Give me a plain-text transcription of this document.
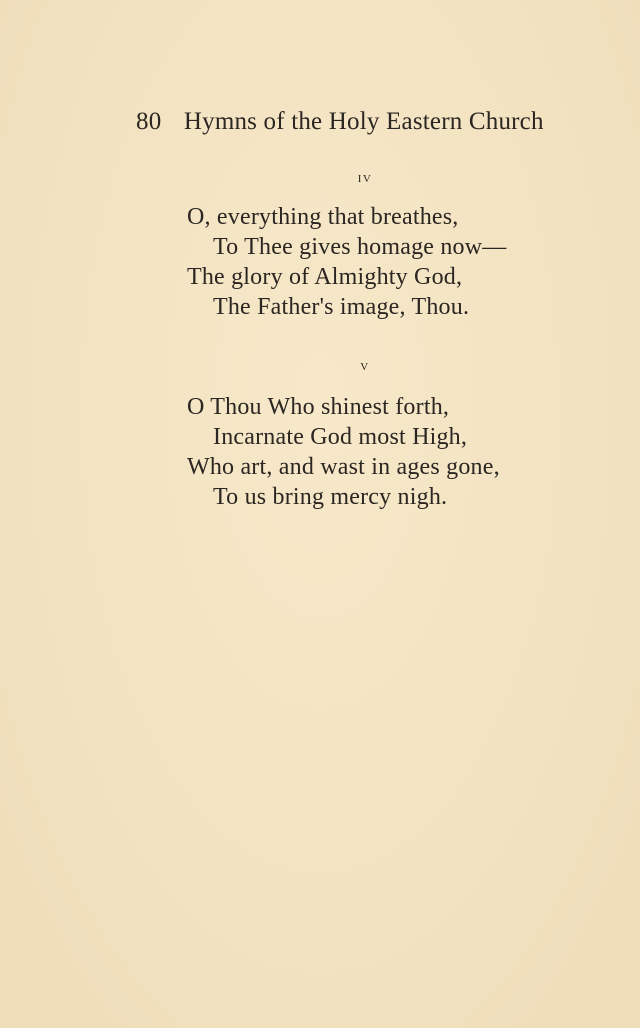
80 Hymns of the Holy Eastern Church
iv
O, everything that breathes,
To Thee gives homage now—
The glory of Almighty God,
The Father's image, Thou.
v
O Thou Who shinest forth,
Incarnate God most High,
Who art, and wast in ages gone,
To us bring mercy nigh.
